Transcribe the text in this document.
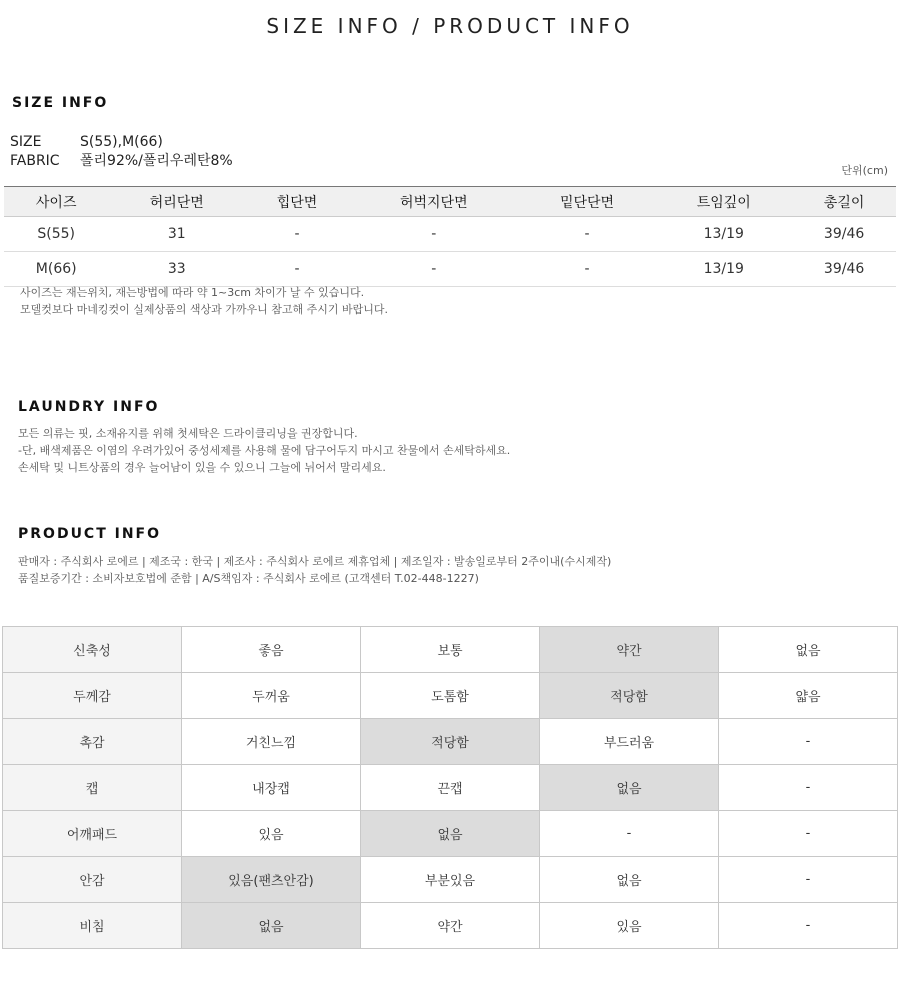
SIZE INFO / PRODUCT INFO
SIZE INFO
SIZE	S(55),M(66)
FABRIC 폴리92%/폴리우레탄8%
단위(cm)
사이즈	허리단면	힙단면	허벅지단면	밑단단면	트임깊이	총길이
S(55)	31	-	-	-	13/19	39/46
M(66)	33	-	-	-	13/19	39/46
사이즈는 재는위치, 재는방법에 따라 약 1~3cm 차이가 날 수 있습니다.
모델컷보다 마네킹컷이 실제상품의 색상과 가까우니 참고해 주시기 바랍니다.
LAUNDRY INFO
모든 의류는 핏, 소재유지를 위해 첫세탁은 드라이클리닝을 권장합니다.
-단, 배색제품은 이염의 우려가있어 중성세제를 사용해 물에 담구어두지 마시고 찬물에서 손세탁하세요.
손세탁 및 니트상품의 경우 늘어남이 있을 수 있으니 그늘에 뉘어서 말리세요.
PRODUCT INFO
판매자 : 주식회사 로에르 | 제조국 : 한국 | 제조사 : 주식회사 로에르 제휴업체 | 제조일자 : 발송일로부터 2주이내(수시제작)
품질보증기간 : 소비자보호법에 준함 | A/S책임자 : 주식회사 로에르 (고객센터 T.02-448-1227)
신축성	좋음	보통	약간	없음
두께감	두꺼움	도톰함	적당함	얇음
촉감	거친느낌	적당함	부드러움	-
캡	내장캡	끈캡	없음	-
어깨패드	있음	없음	-	-
안감	있음(팬츠안감)	부분있음	없음	-
비침	없음	약간	있음	-
